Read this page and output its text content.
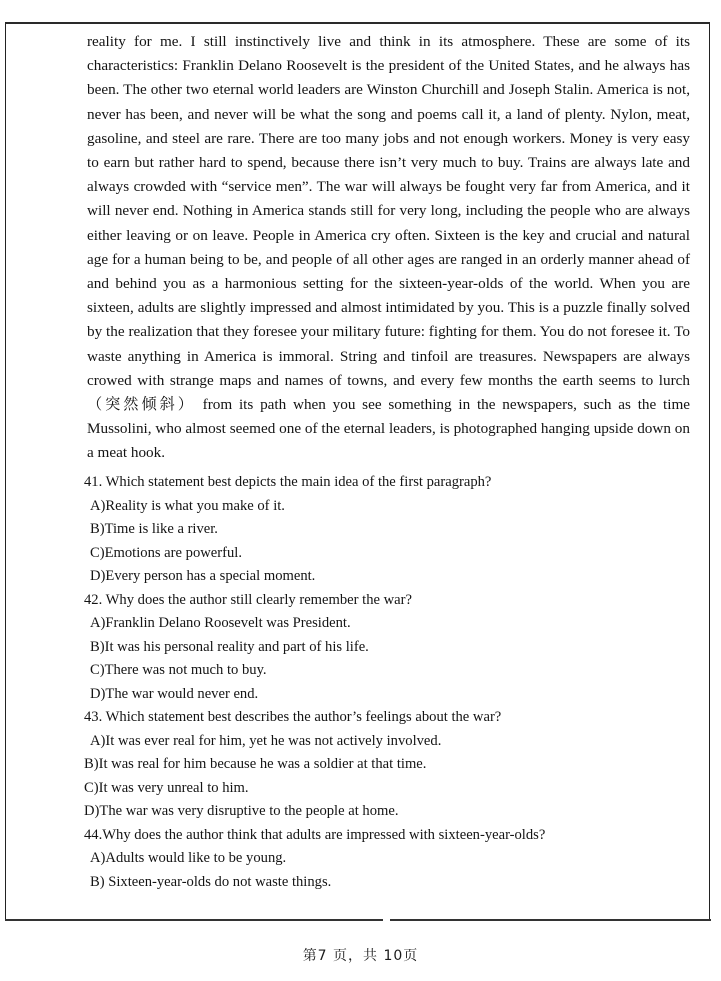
reality for me. I still instinctively live and think in its atmosphere. These are some of its characteristics: Franklin Delano Roosevelt is the president of the United States, and he always has been. The other two eternal world leaders are Winston Churchill and Joseph Stalin. America is not, never has been, and never will be what the song and poems call it, a land of plenty. Nylon, meat, gasoline, and steel are rare. There are too many jobs and not enough workers. Money is very easy to earn but rather hard to spend, because there isn’t very much to buy. Trains are always late and always crowded with “service men”. The war will always be fought very far from America, and it will never end. Nothing in America stands still for very long, including the people who are always either leaving or on leave. People in America cry often. Sixteen is the key and crucial and natural age for a human being to be, and people of all other ages are ranged in an orderly manner ahead of and behind you as a harmonious setting for the sixteen-year-olds of the world. When you are sixteen, adults are slightly impressed and almost intimidated by you. This is a puzzle finally solved by the realization that they foresee your military future: fighting for them. You do not foresee it. To waste anything in America is immoral. String and tinfoil are treasures. Newspapers are always crowed with strange maps and names of towns, and every few months the earth seems to lurch（突然倾斜） from its path when you see something in the newspapers, such as the time Mussolini, who almost seemed one of the eternal leaders, is photographed hanging upside down on a meat hook.

41. Which statement best depicts the main idea of the first paragraph?
A)Reality is what you make of it.
B)Time is like a river.
C)Emotions are powerful.
D)Every person has a special moment.
42. Why does the author still clearly remember the war?
A)Franklin Delano Roosevelt was President.
B)It was his personal reality and part of his life.
C)There was not much to buy.
D)The war would never end.
43. Which statement best describes the author’s feelings about the war?
A)It was ever real for him, yet he was not actively involved.
B)It was real for him because he was a soldier at that time.
C)It was very unreal to him.
D)The war was very disruptive to the people at home.
44.Why does the author think that adults are impressed with sixteen-year-olds?
A)Adults would like to be young.
B) Sixteen-year-olds do not waste things.
第7 页，共 10页
